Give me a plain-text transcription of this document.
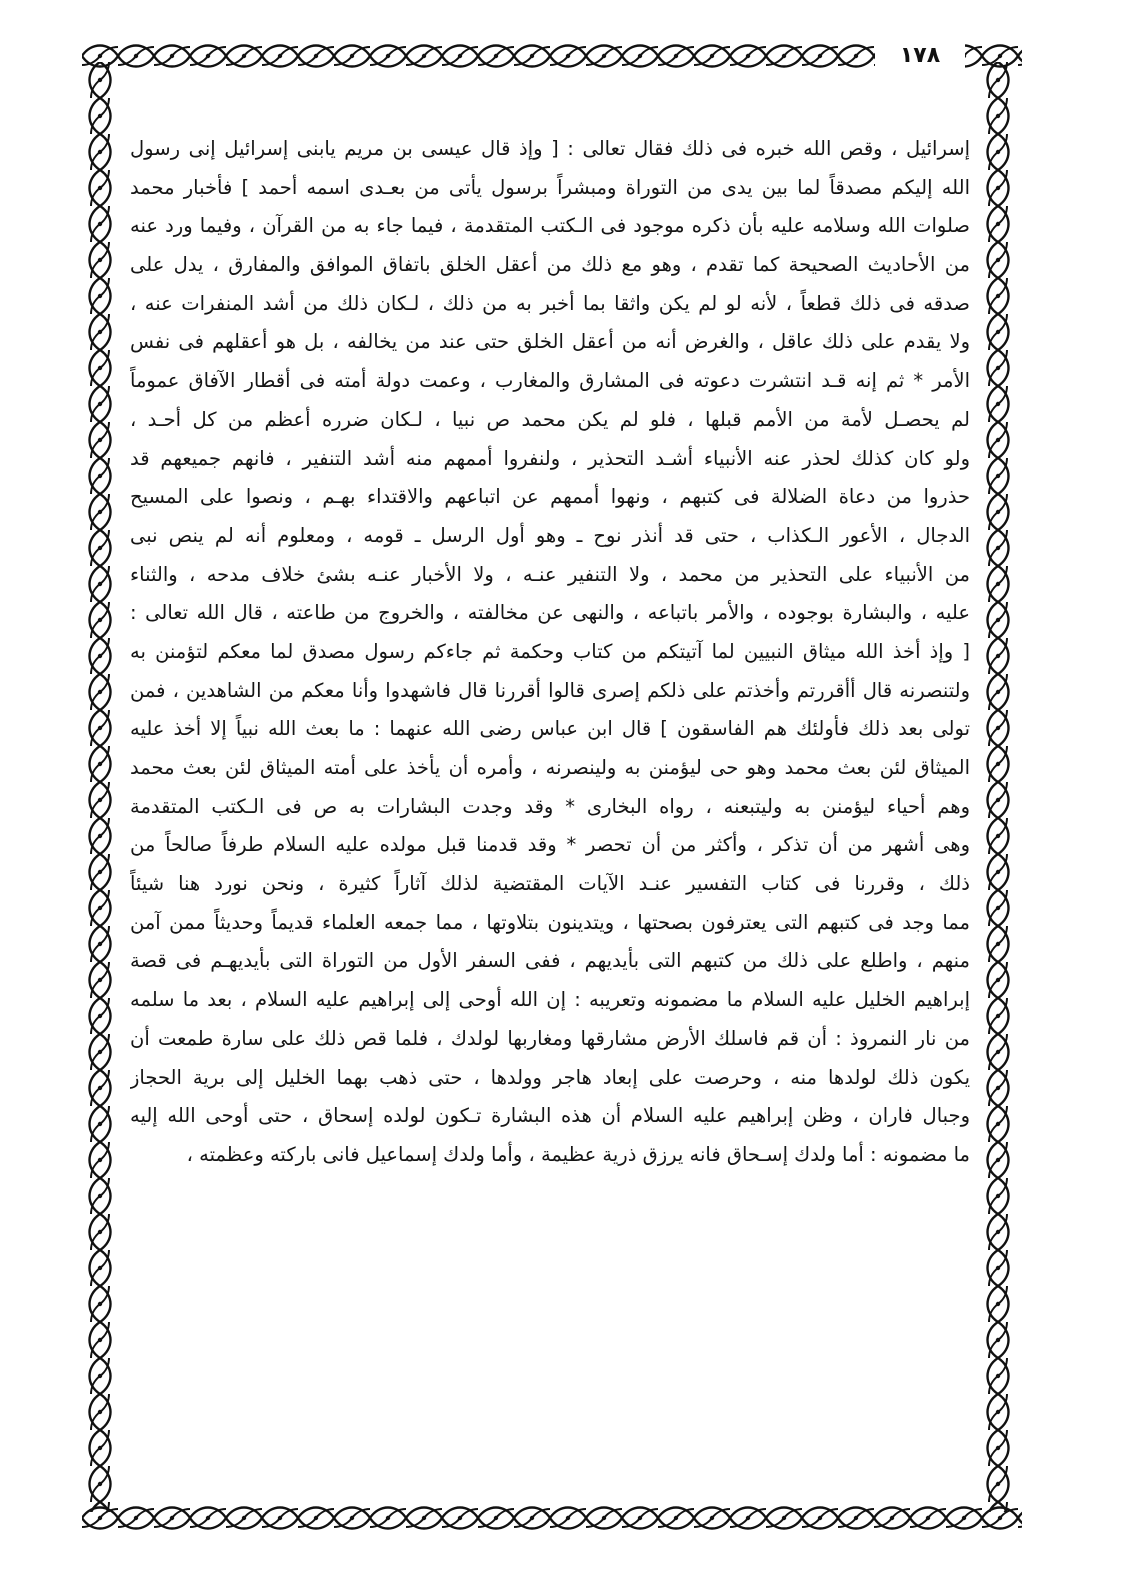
١٧٨
إسرائيل ، وقص الله خبره فى ذلك فقال تعالى : [ وإذ قال عيسى بن مريم يابنى إسرائيل إنى رسول
الله إليكم مصدقاً لما بين يدى من التوراة ومبشراً برسول يأتى من بعـدى اسمه أحمد ] فأخبار محمد
صلوات الله وسلامه عليه بأن ذكره موجود فى الـكتب المتقدمة ، فيما جاء به من القرآن ، وفيما ورد عنه
من الأحاديث الصحيحة كما تقدم ، وهو مع ذلك من أعقل الخلق باتفاق الموافق والمفارق ، يدل على
صدقه فى ذلك قطعاً ، لأنه لو لم يكن واثقا بما أخبر به من ذلك ، لـكان ذلك من أشد المنفرات عنه ،
ولا يقدم على ذلك عاقل ، والغرض أنه من أعقل الخلق حتى عند من يخالفه ، بل هو أعقلهم فى نفس
الأمر * ثم إنه قـد انتشرت دعوته فى المشارق والمغارب ، وعمت دولة أمته فى أقطار الآفاق عموماً
لم يحصـل لأمة من الأمم قبلها ، فلو لم يكن محمد ص نبيا ، لـكان ضرره أعظم من كل أحـد ،
ولو كان كذلك لحذر عنه الأنبياء أشـد التحذير ، ولنفروا أممهم منه أشد التنفير ، فانهم جميعهم قد
حذروا من دعاة الضلالة فى كتبهم ، ونهوا أممهم عن اتباعهم والاقتداء بهـم ، ونصوا على المسيح
الدجال ، الأعور الـكذاب ، حتى قد أنذر نوح ـ وهو أول الرسل ـ قومه ، ومعلوم أنه لم ينص نبى
من الأنبياء على التحذير من محمد ، ولا التنفير عنـه ، ولا الأخبار عنـه بشئ خلاف مدحه ، والثناء
عليه ، والبشارة بوجوده ، والأمر باتباعه ، والنهى عن مخالفته ، والخروج من طاعته ، قال الله تعالى :
[ وإذ أخذ الله ميثاق النبيين لما آتيتكم من كتاب وحكمة ثم جاءكم رسول مصدق لما معكم لتؤمنن به
ولتنصرنه قال أأقررتم وأخذتم على ذلكم إصرى قالوا أقررنا قال فاشهدوا وأنا معكم من الشاهدين ، فمن
تولى بعد ذلك فأولئك هم الفاسقون ] قال ابن عباس رضى الله عنهما : ما بعث الله نبياً إلا أخذ عليه
الميثاق لئن بعث محمد وهو حى ليؤمنن به ولينصرنه ، وأمره أن يأخذ على أمته الميثاق لئن بعث محمد
وهم أحياء ليؤمنن به وليتبعنه ، رواه البخارى * وقد وجدت البشارات به ص فى الـكتب المتقدمة
وهى أشهر من أن تذكر ، وأكثر من أن تحصر * وقد قدمنا قبل مولده عليه السلام طرفاً صالحاً من
ذلك ، وقررنا فى كتاب التفسير عنـد الآيات المقتضية لذلك آثاراً كثيرة ، ونحن نورد هنا شيئاً
مما وجد فى كتبهم التى يعترفون بصحتها ، ويتدينون بتلاوتها ، مما جمعه العلماء قديماً وحديثاً ممن آمن
منهم ، واطلع على ذلك من كتبهم التى بأيديهم ، ففى السفر الأول من التوراة التى بأيديهـم فى قصة
إبراهيم الخليل عليه السلام ما مضمونه وتعريبه : إن الله أوحى إلى إبراهيم عليه السلام ، بعد ما سلمه
من نار النمروذ : أن قم فاسلك الأرض مشارقها ومغاربها لولدك ، فلما قص ذلك على سارة طمعت أن
يكون ذلك لولدها منه ، وحرصت على إبعاد هاجر وولدها ، حتى ذهب بهما الخليل إلى برية الحجاز
وجبال فاران ، وظن إبراهيم عليه السلام أن هذه البشارة تـكون لولده إسحاق ، حتى أوحى الله إليه
ما مضمونه : أما ولدك إسـحاق فانه يرزق ذرية عظيمة ، وأما ولدك إسماعيل فانى باركته وعظمته ،
